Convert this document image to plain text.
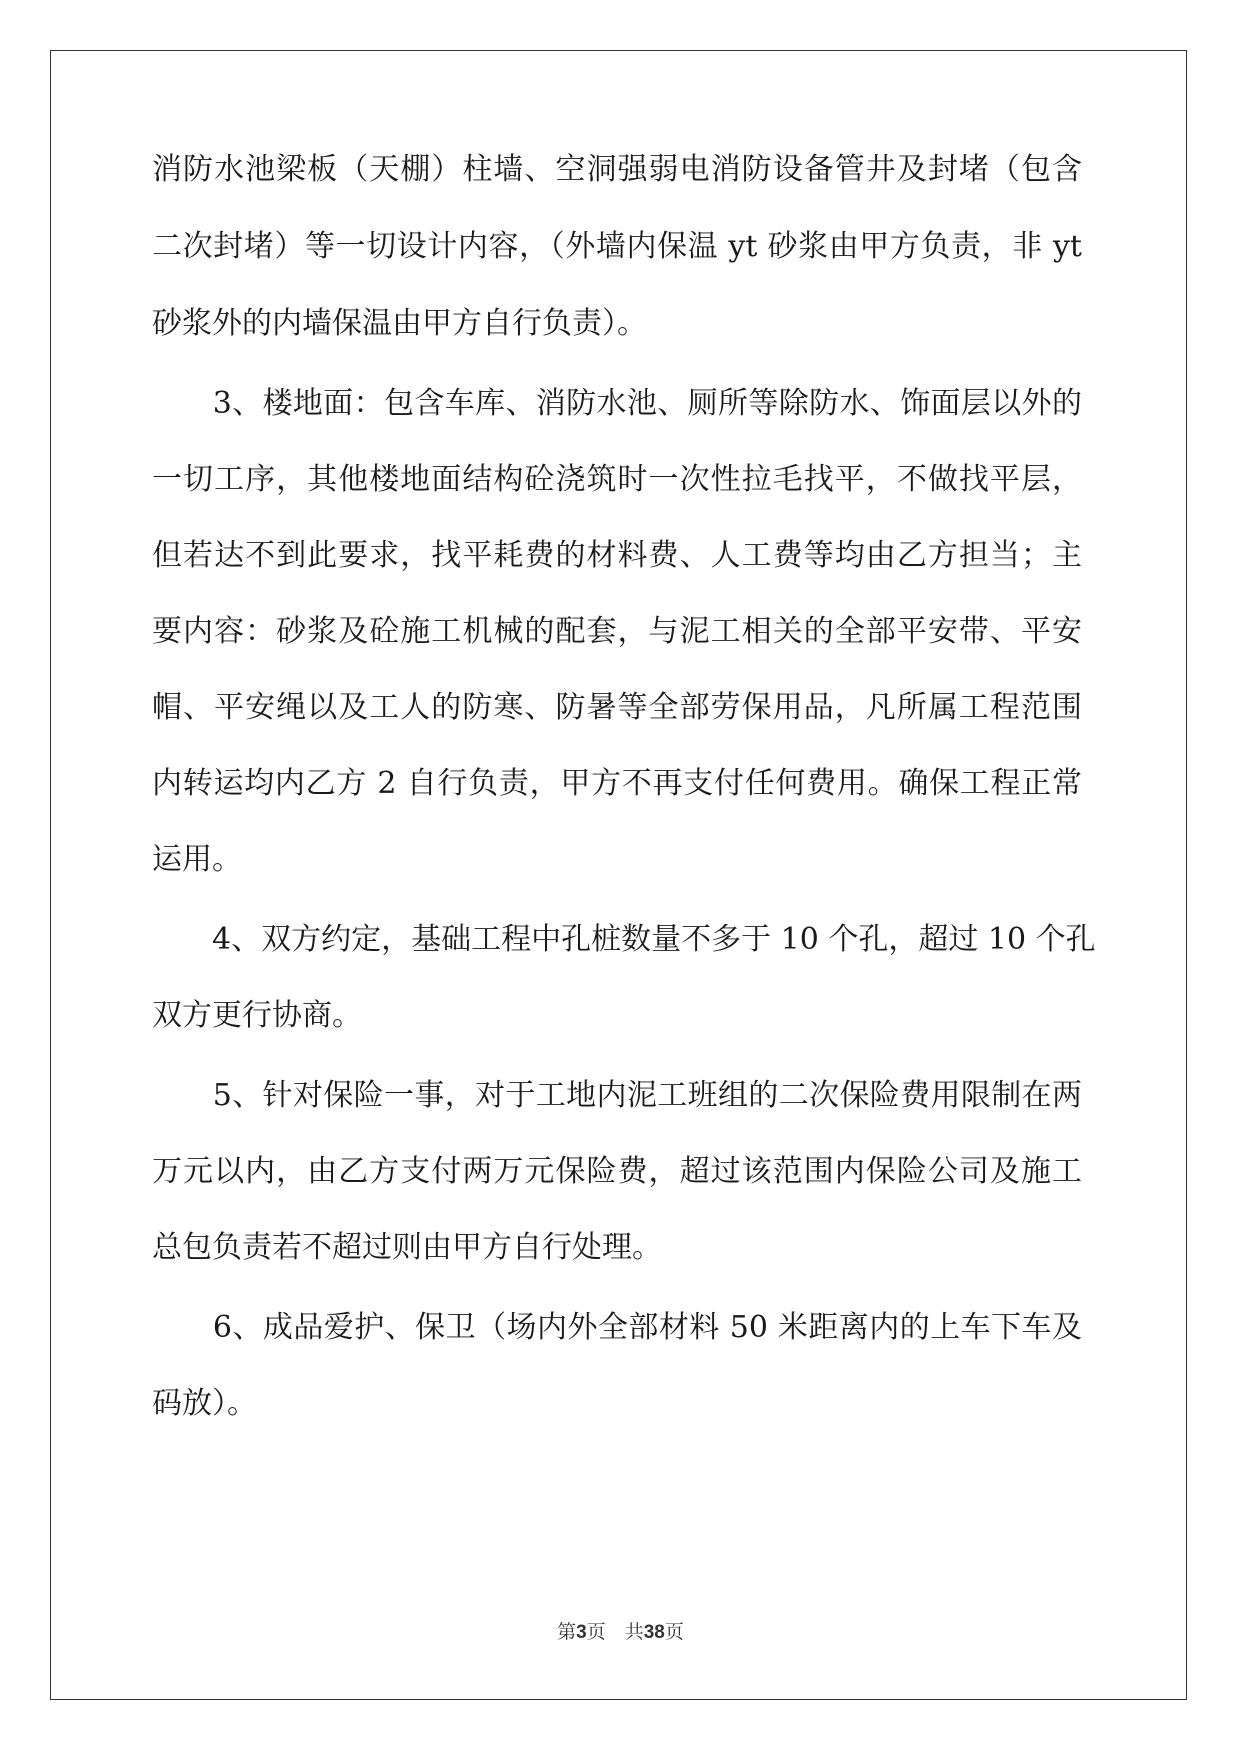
消防水池梁板（天棚）柱墙、空洞强弱电消防设备管井及封堵（包含
二次封堵）等一切设计内容，（外墙内保温 yt 砂浆由甲方负责，非 yt
砂浆外的内墙保温由甲方自行负责）。
　　3、楼地面：包含车库、消防水池、厕所等除防水、饰面层以外的
一切工序，其他楼地面结构砼浇筑时一次性拉毛找平，不做找平层，
但若达不到此要求，找平耗费的材料费、人工费等均由乙方担当；主
要内容：砂浆及砼施工机械的配套，与泥工相关的全部平安带、平安
帽、平安绳以及工人的防寒、防暑等全部劳保用品，凡所属工程范围
内转运均内乙方 2 自行负责，甲方不再支付任何费用。确保工程正常
运用。
　　4、双方约定，基础工程中孔桩数量不多于 10 个孔，超过 10 个孔
双方更行协商。
　　5、针对保险一事，对于工地内泥工班组的二次保险费用限制在两
万元以内，由乙方支付两万元保险费，超过该范围内保险公司及施工
总包负责若不超过则由甲方自行处理。
　　6、成品爱护、保卫（场内外全部材料 50 米距离内的上车下车及
码放）。
第3页　共38页
